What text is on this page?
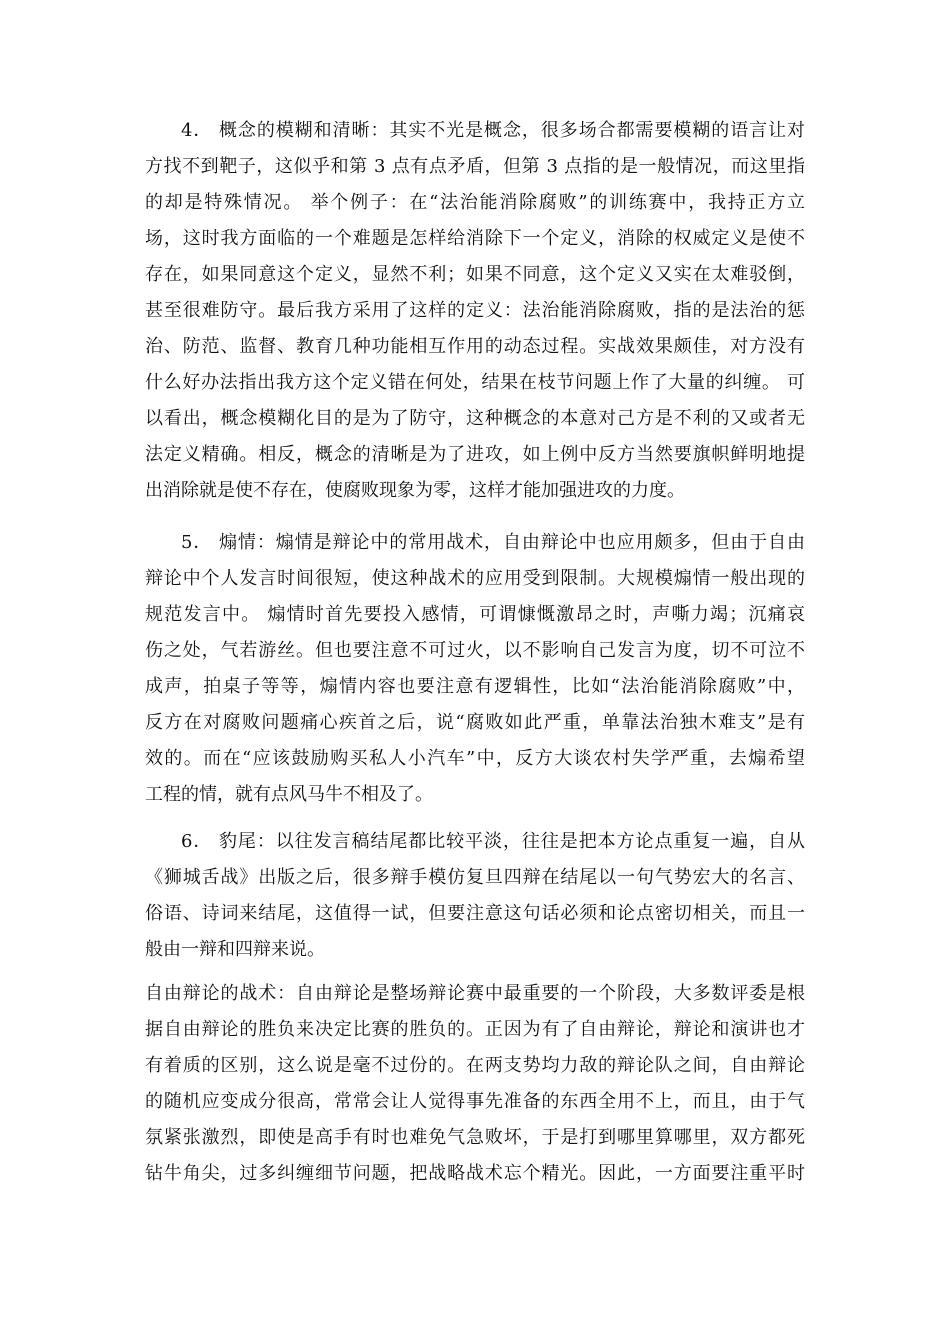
4． 概念的模糊和清晰：其实不光是概念，很多场合都需要模糊的语言让对
方找不到靶子，这似乎和第 3 点有点矛盾，但第 3 点指的是一般情况，而这里指
的却是特殊情况。 举个例子：在“法治能消除腐败”的训练赛中，我持正方立
场，这时我方面临的一个难题是怎样给消除下一个定义，消除的权威定义是使不
存在，如果同意这个定义，显然不利；如果不同意，这个定义又实在太难驳倒，
甚至很难防守。最后我方采用了这样的定义：法治能消除腐败，指的是法治的惩
治、防范、监督、教育几种功能相互作用的动态过程。实战效果颇佳，对方没有
什么好办法指出我方这个定义错在何处，结果在枝节问题上作了大量的纠缠。 可
以看出，概念模糊化目的是为了防守，这种概念的本意对己方是不利的又或者无
法定义精确。相反，概念的清晰是为了进攻，如上例中反方当然要旗帜鲜明地提
出消除就是使不存在，使腐败现象为零，这样才能加强进攻的力度。
5． 煽情：煽情是辩论中的常用战术，自由辩论中也应用颇多，但由于自由
辩论中个人发言时间很短，使这种战术的应用受到限制。大规模煽情一般出现的
规范发言中。 煽情时首先要投入感情，可谓慷慨激昂之时，声嘶力竭；沉痛哀
伤之处，气若游丝。但也要注意不可过火，以不影响自己发言为度，切不可泣不
成声，拍桌子等等，煽情内容也要注意有逻辑性，比如“法治能消除腐败”中，
反方在对腐败问题痛心疾首之后，说“腐败如此严重，单靠法治独木难支”是有
效的。而在“应该鼓励购买私人小汽车”中，反方大谈农村失学严重，去煽希望
工程的情，就有点风马牛不相及了。
6． 豹尾：以往发言稿结尾都比较平淡，往往是把本方论点重复一遍，自从
《狮城舌战》出版之后，很多辩手模仿复旦四辩在结尾以一句气势宏大的名言、
俗语、诗词来结尾，这值得一试，但要注意这句话必须和论点密切相关，而且一
般由一辩和四辩来说。
自由辩论的战术：自由辩论是整场辩论赛中最重要的一个阶段，大多数评委是根
据自由辩论的胜负来决定比赛的胜负的。正因为有了自由辩论，辩论和演讲也才
有着质的区别，这么说是毫不过份的。在两支势均力敌的辩论队之间，自由辩论
的随机应变成分很高，常常会让人觉得事先准备的东西全用不上，而且，由于气
氛紧张激烈，即使是高手有时也难免气急败坏，于是打到哪里算哪里，双方都死
钻牛角尖，过多纠缠细节问题，把战略战术忘个精光。因此，一方面要注重平时
